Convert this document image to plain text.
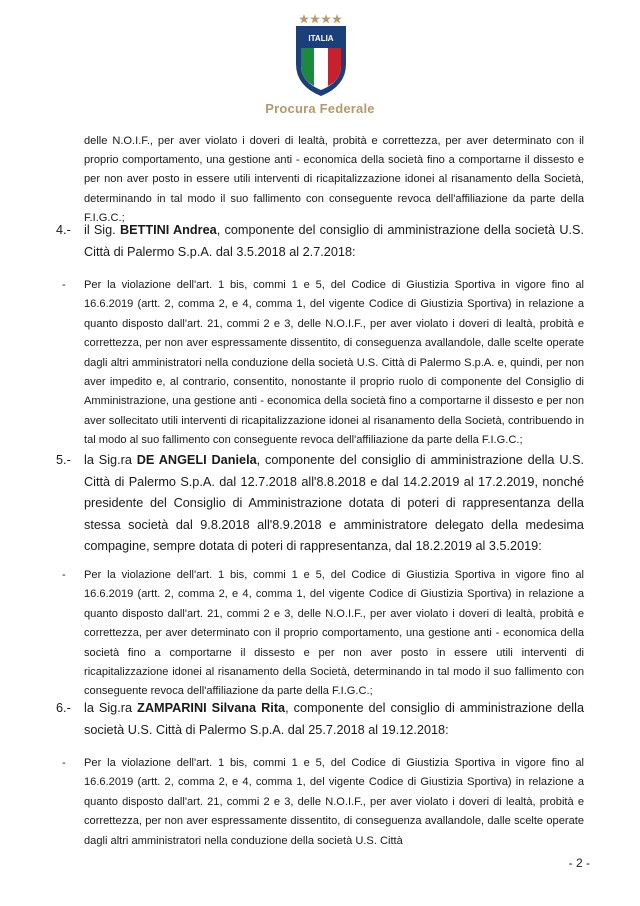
ITALIA
Procura Federale
delle N.O.I.F., per aver violato i doveri di lealtà, probità e correttezza, per aver determinato con il proprio comportamento, una gestione anti - economica della società fino a comportarne il dissesto e per non aver posto in essere utili interventi di ricapitalizzazione idonei al risanamento della Società, determinando in tal modo il suo fallimento con conseguente revoca dell'affiliazione da parte della F.I.G.C.;
4.-	il Sig. BETTINI Andrea, componente del consiglio di amministrazione della società U.S. Città di Palermo S.p.A. dal 3.5.2018 al 2.7.2018:
- Per la violazione dell'art. 1 bis, commi 1 e 5, del Codice di Giustizia Sportiva in vigore fino al 16.6.2019 (artt. 2, comma 2, e 4, comma 1, del vigente Codice di Giustizia Sportiva) in relazione a quanto disposto dall'art. 21, commi 2 e 3, delle N.O.I.F., per aver violato i doveri di lealtà, probità e correttezza, per non aver espressamente dissentito, di conseguenza avallandole, dalle scelte operate dagli altri amministratori nella conduzione della società U.S. Città di Palermo S.p.A. e, quindi, per non aver impedito e, al contrario, consentito, nonostante il proprio ruolo di componente del Consiglio di Amministrazione, una gestione anti - economica della società fino a comportarne il dissesto e per non aver sollecitato utili interventi di ricapitalizzazione idonei al risanamento della Società, contribuendo in tal modo al suo fallimento con conseguente revoca dell'affiliazione da parte della F.I.G.C.;
5.-	la Sig.ra DE ANGELI Daniela, componente del consiglio di amministrazione della U.S. Città di Palermo S.p.A. dal 12.7.2018 all'8.8.2018 e dal 14.2.2019 al 17.2.2019, nonché presidente del Consiglio di Amministrazione dotata di poteri di rappresentanza della stessa società dal 9.8.2018 all'8.9.2018 e amministratore delegato della medesima compagine, sempre dotata di poteri di rappresentanza, dal 18.2.2019 al 3.5.2019:
- Per la violazione dell'art. 1 bis, commi 1 e 5, del Codice di Giustizia Sportiva in vigore fino al 16.6.2019 (artt. 2, comma 2, e 4, comma 1, del vigente Codice di Giustizia Sportiva) in relazione a quanto disposto dall'art. 21, commi 2 e 3, delle N.O.I.F., per aver violato i doveri di lealtà, probità e correttezza, per aver determinato con il proprio comportamento, una gestione anti - economica della società fino a comportarne il dissesto e per non aver posto in essere utili interventi di ricapitalizzazione idonei al risanamento della Società, determinando in tal modo il suo fallimento con conseguente revoca dell'affiliazione da parte della F.I.G.C.;
6.-	la Sig.ra ZAMPARINI Silvana Rita, componente del consiglio di amministrazione della società U.S. Città di Palermo S.p.A. dal 25.7.2018 al 19.12.2018:
- Per la violazione dell'art. 1 bis, commi 1 e 5, del Codice di Giustizia Sportiva in vigore fino al 16.6.2019 (artt. 2, comma 2, e 4, comma 1, del vigente Codice di Giustizia Sportiva) in relazione a quanto disposto dall'art. 21, commi 2 e 3, delle N.O.I.F., per aver violato i doveri di lealtà, probità e correttezza, per non aver espressamente dissentito, di conseguenza avallandole, dalle scelte operate dagli altri amministratori nella conduzione della società U.S. Città
- 2 -
